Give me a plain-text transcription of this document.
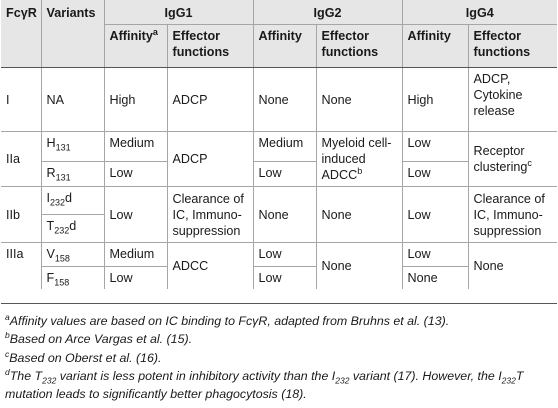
FcγR	Variants	IgG1		IgG2		IgG4	
		Affinity$^a$	Effector functions	Affinity	Effector functions	Affinity	Effector functions
I	NA	High	ADCP	None	None	High	ADCP, Cytokine release
IIa	$H_{131}$	Medium	ADCP	Medium	Myeloid cell-induced ADCC$^b$	Low	Receptor clustering$^c$
	$R_{131}$	Low		Low		Low	
IIb	$I_{232}d$	Low	Clearance of IC, Immuno-suppression	None	None	Low	Clearance of IC, Immuno-suppression
	$T_{232}d$						
IIIa	$V_{158}$	Medium	ADCC	Low	None	Low	None
	$F_{158}$	Low		Low		None	
$^a$Affinity values are based on IC binding to FcγR, adapted from Bruhns et al. (13).
$^b$Based on Arce Vargas et al. (15).
$^c$Based on Oberst et al. (16).
$^d$The $T_{232}$ variant is less potent in inhibitory activity than the $I_{232}$ variant (17). However, the $I_{232}T$ mutation leads to significantly better phagocytosis (18).
